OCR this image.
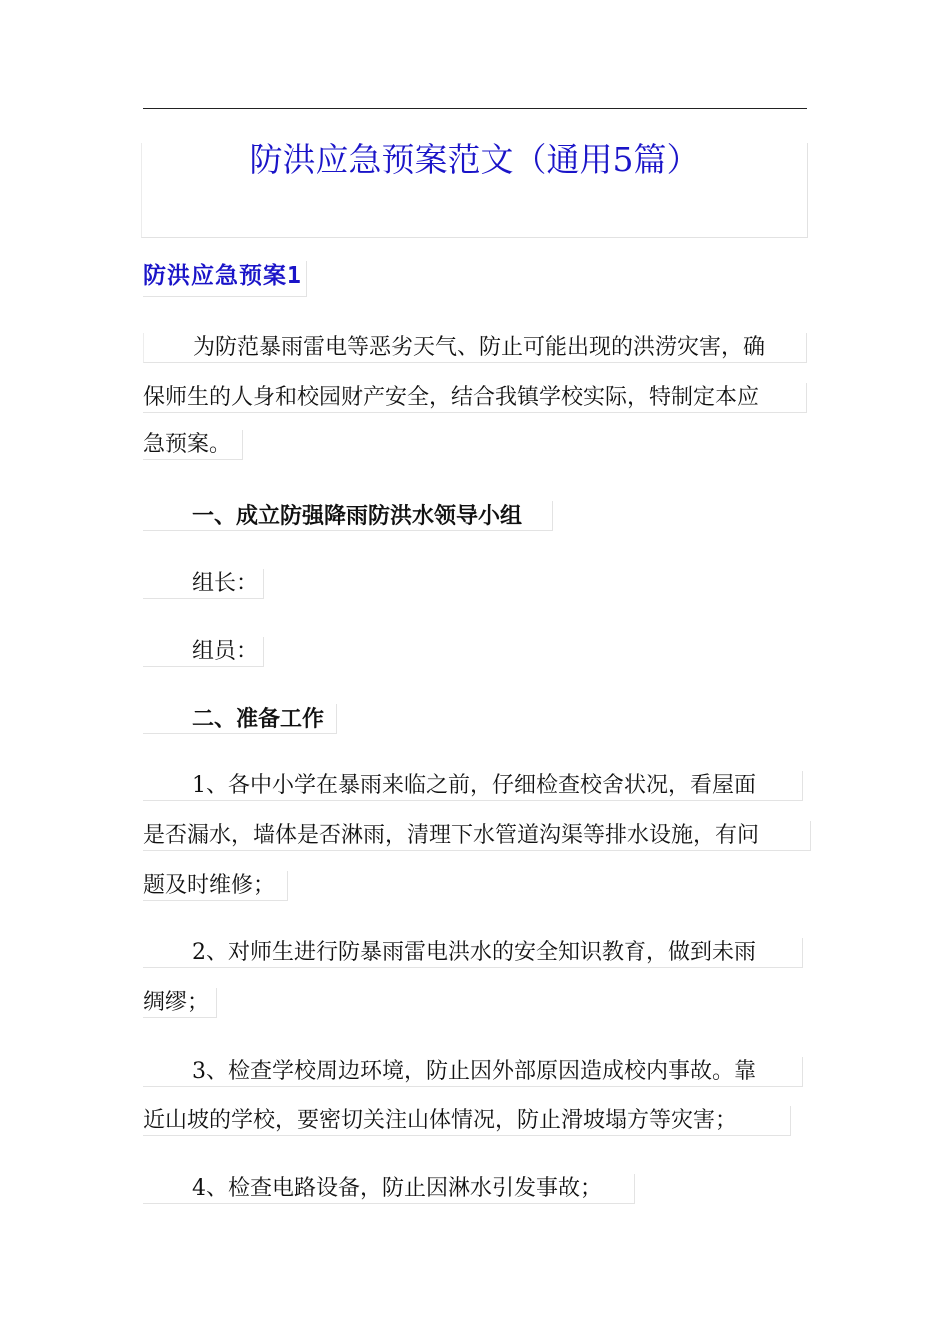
防洪应急预案范文（通用5篇）
防洪应急预案1
为防范暴雨雷电等恶劣天气、防止可能出现的洪涝灾害，确
保师生的人身和校园财产安全，结合我镇学校实际，特制定本应
急预案。
一、成立防强降雨防洪水领导小组
组长：
组员：
二、准备工作
1、各中小学在暴雨来临之前，仔细检查校舍状况，看屋面
是否漏水，墙体是否淋雨，清理下水管道沟渠等排水设施，有问
题及时维修；
2、对师生进行防暴雨雷电洪水的安全知识教育，做到未雨
绸缪；
3、检查学校周边环境，防止因外部原因造成校内事故。靠
近山坡的学校，要密切关注山体情况，防止滑坡塌方等灾害；
4、检查电路设备，防止因淋水引发事故；
